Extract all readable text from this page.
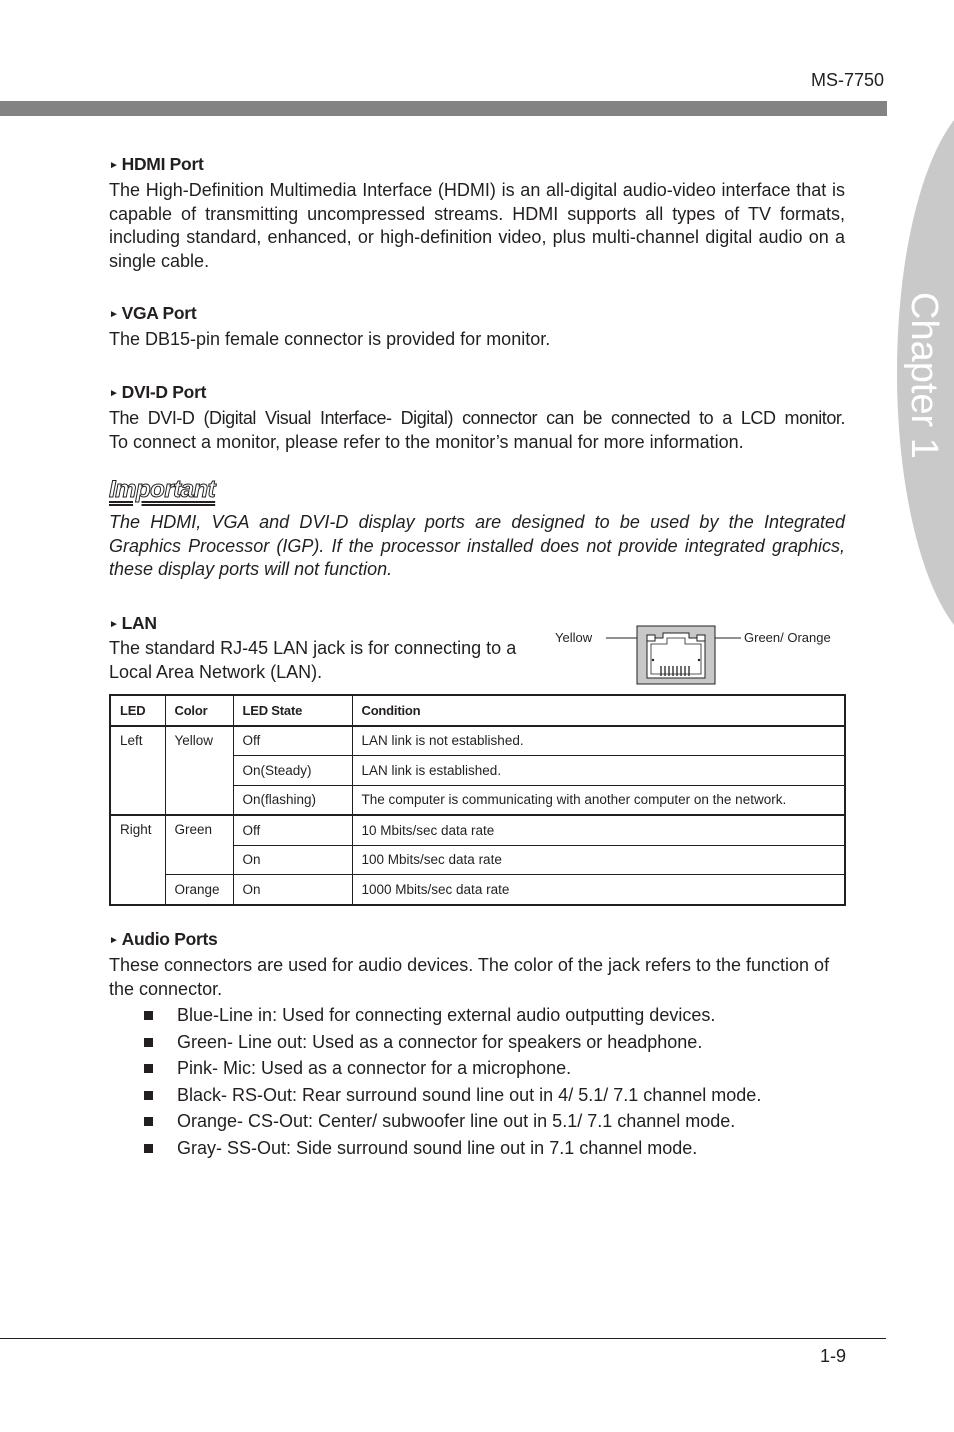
MS-7750
Chapter 1
► HDMI Port

The High-Definition Multimedia Interface (HDMI) is an all-digital audio-video interface that is capable of transmitting uncompressed streams. HDMI supports all types of TV formats, including standard, enhanced, or high-definition video, plus multi-channel digital audio on a single cable.

► VGA Port

The DB15-pin female connector is provided for monitor.

► DVI-D Port

The DVI-D (Digital Visual Interface- Digital) connector can be connected to a LCD monitor.

To connect a monitor, please refer to the monitor’s manual for more information.

Important

The HDMI, VGA and DVI-D display ports are designed to be used by the Integrated Graphics Processor (IGP). If the processor installed does not provide integrated graphics, these display ports will not function.

► LAN

The standard RJ-45 LAN jack is for connecting to a Local Area Network (LAN).

Yellow	Green/ Orange
LED	Color	LED State	Condition
Left	Yellow	Off	LAN link is not established.
		On(Steady)	LAN link is established.
		On(flashing)	The computer is communicating with another computer on the network.
Right	Green	Off	10 Mbits/sec data rate
		On	100 Mbits/sec data rate
	Orange	On	1000 Mbits/sec data rate
► Audio Ports

These connectors are used for audio devices. The color of the jack refers to the function of the connector.

Blue-Line in: Used for connecting external audio outputting devices.
Green- Line out: Used as a connector for speakers or headphone.
Pink- Mic: Used as a connector for a microphone.
Black- RS-Out: Rear surround sound line out in 4/ 5.1/ 7.1 channel mode.
Orange- CS-Out: Center/ subwoofer line out in 5.1/ 7.1 channel mode.
Gray- SS-Out: Side surround sound line out in 7.1 channel mode.
1-9
